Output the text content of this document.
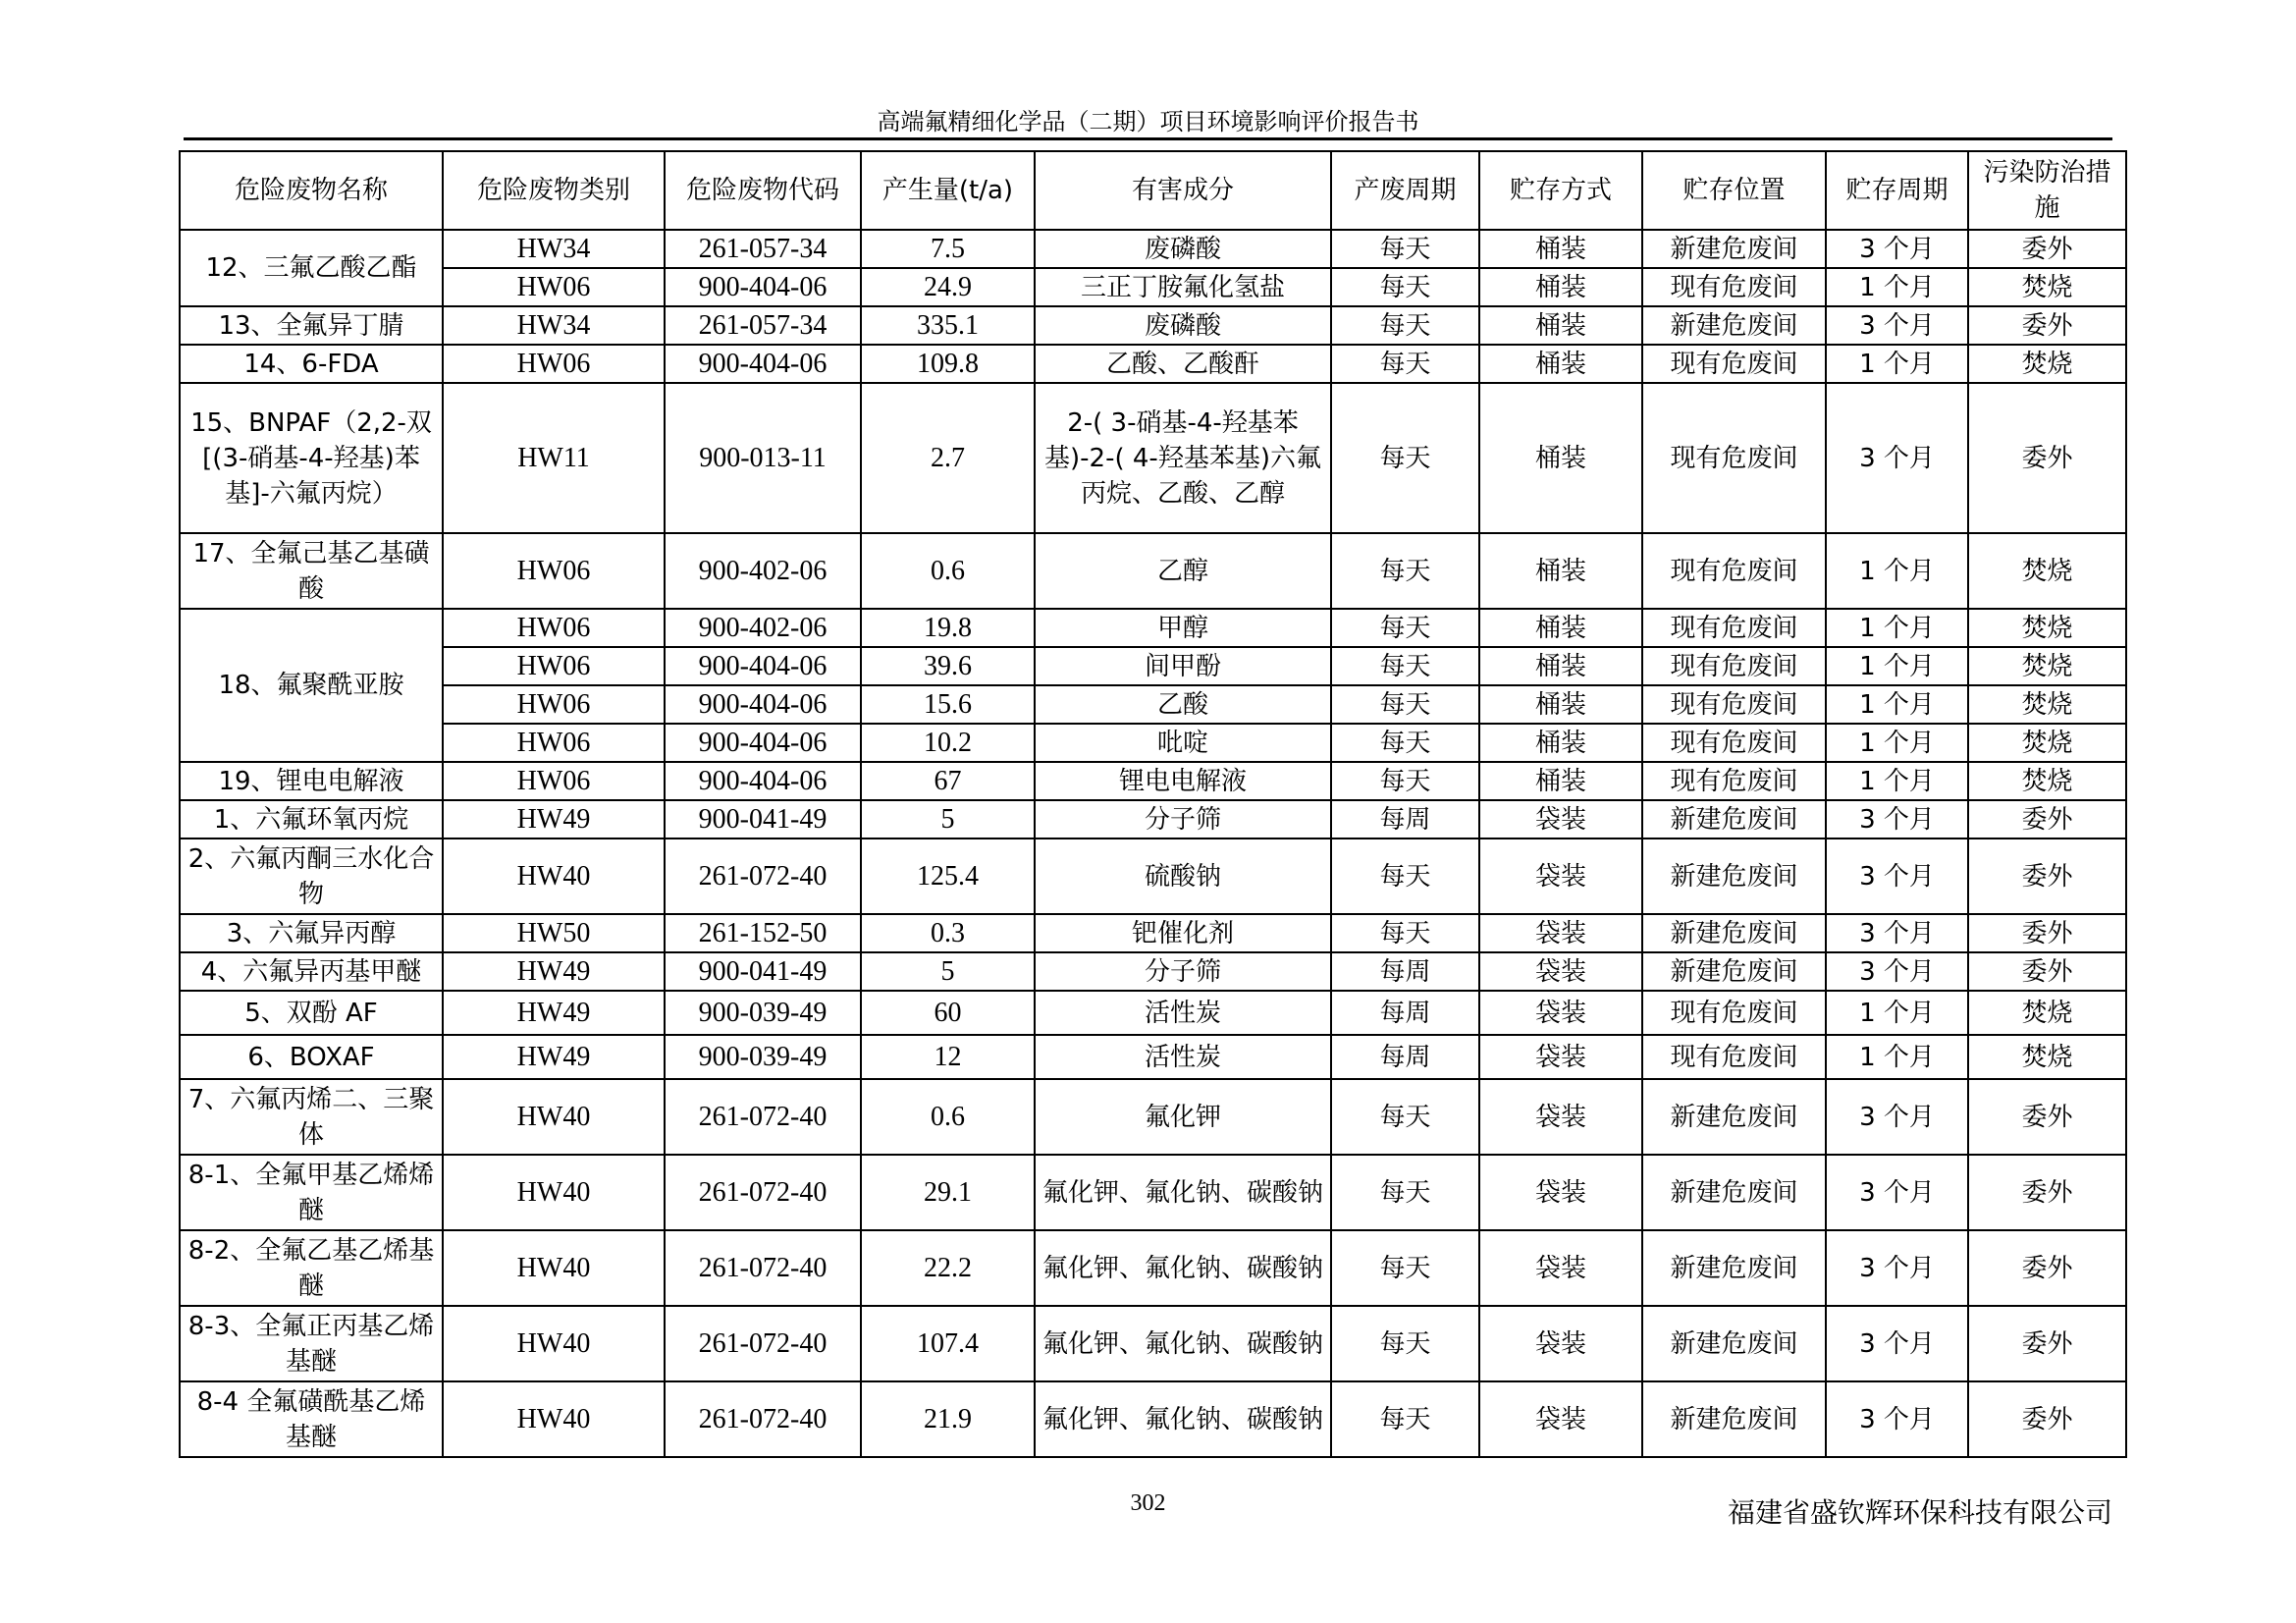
高端氟精细化学品（二期）项目环境影响评价报告书
危险废物名称	危险废物类别	危险废物代码	产生量(t/a)	有害成分	产废周期	贮存方式	贮存位置	贮存周期	污染防治措施
12、三氟乙酸乙酯	HW34	261-057-34	7.5	废磷酸	每天	桶装	新建危废间	3 个月	委外
	HW06	900-404-06	24.9	三正丁胺氟化氢盐	每天	桶装	现有危废间	1 个月	焚烧
13、全氟异丁腈	HW34	261-057-34	335.1	废磷酸	每天	桶装	新建危废间	3 个月	委外
14、6-FDA	HW06	900-404-06	109.8	乙酸、乙酸酐	每天	桶装	现有危废间	1 个月	焚烧
15、BNPAF（2,2-双[(3-硝基-4-羟基)苯基]-六氟丙烷）	HW11	900-013-11	2.7	2-( 3-硝基-4-羟基苯基)-2-( 4-羟基苯基)六氟丙烷、乙酸、乙醇	每天	桶装	现有危废间	3 个月	委外
17、全氟己基乙基磺酸	HW06	900-402-06	0.6	乙醇	每天	桶装	现有危废间	1 个月	焚烧
18、氟聚酰亚胺	HW06	900-402-06	19.8	甲醇	每天	桶装	现有危废间	1 个月	焚烧
	HW06	900-404-06	39.6	间甲酚	每天	桶装	现有危废间	1 个月	焚烧
	HW06	900-404-06	15.6	乙酸	每天	桶装	现有危废间	1 个月	焚烧
	HW06	900-404-06	10.2	吡啶	每天	桶装	现有危废间	1 个月	焚烧
19、锂电电解液	HW06	900-404-06	67	锂电电解液	每天	桶装	现有危废间	1 个月	焚烧
1、六氟环氧丙烷	HW49	900-041-49	5	分子筛	每周	袋装	新建危废间	3 个月	委外
2、六氟丙酮三水化合物	HW40	261-072-40	125.4	硫酸钠	每天	袋装	新建危废间	3 个月	委外
3、六氟异丙醇	HW50	261-152-50	0.3	钯催化剂	每天	袋装	新建危废间	3 个月	委外
4、六氟异丙基甲醚	HW49	900-041-49	5	分子筛	每周	袋装	新建危废间	3 个月	委外
5、双酚 AF	HW49	900-039-49	60	活性炭	每周	袋装	现有危废间	1 个月	焚烧
6、BOXAF	HW49	900-039-49	12	活性炭	每周	袋装	现有危废间	1 个月	焚烧
7、六氟丙烯二、三聚体	HW40	261-072-40	0.6	氟化钾	每天	袋装	新建危废间	3 个月	委外
8-1、全氟甲基乙烯烯醚	HW40	261-072-40	29.1	氟化钾、氟化钠、碳酸钠	每天	袋装	新建危废间	3 个月	委外
8-2、全氟乙基乙烯基醚	HW40	261-072-40	22.2	氟化钾、氟化钠、碳酸钠	每天	袋装	新建危废间	3 个月	委外
8-3、全氟正丙基乙烯基醚	HW40	261-072-40	107.4	氟化钾、氟化钠、碳酸钠	每天	袋装	新建危废间	3 个月	委外
8-4 全氟磺酰基乙烯基醚	HW40	261-072-40	21.9	氟化钾、氟化钠、碳酸钠	每天	袋装	新建危废间	3 个月	委外
302	福建省盛钦辉环保科技有限公司
